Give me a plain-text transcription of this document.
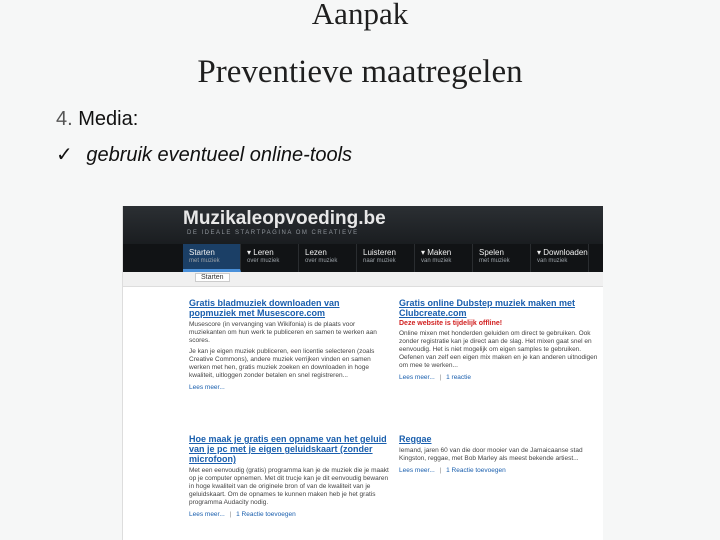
Aanpak
Preventieve maatregelen
4. Media:
✓ gebruik eventueel online-tools
Muzikaleopvoeding.be
DE IDEALE STARTPAGINA OM CREATIEVE
Starten
met muziek
▾ Leren
over muziek
Lezen
over muziek
Luisteren
naar muziek
▾ Maken
van muziek
Spelen
met muziek
▾ Downloaden
van muziek
Starten
Gratis bladmuziek downloaden van popmuziek met Musescore.com

Musescore (in vervanging van Wikifonia) is de plaats voor muziekanten om hun werk te publiceren en samen te werken aan scores.

Je kan je eigen muziek publiceren, een licentie selecteren (zoals Creative Commons), andere muziek verrijken vinden en samen werken met hen, gratis muziek zoeken en downloaden in hoge kwaliteit, uitloggen zonder betalen en snel registreren...

Lees meer...
Hoe maak je gratis een opname van het geluid van je pc met je eigen geluidskaart (zonder microfoon)

Met een eenvoudig (gratis) programma kan je de muziek die je maakt op je computer opnemen. Met dit trucje kan je dit eenvoudig bewaren in hoge kwaliteit van de originele bron of van de kwaliteit van je geluidskaart. Om de opnames te kunnen maken heb je het gratis programma Audacity nodig.

Lees meer... | 1 Reactie toevoegen
Gratis online Dubstep muziek maken met Clubcreate.com
Deze website is tijdelijk offline!

Online mixen met honderden geluiden om direct te gebruiken. Ook zonder registratie kan je direct aan de slag. Het mixen gaat snel en eenvoudig. Het is niet mogelijk om eigen samples te gebruiken. Oefenen van zelf een eigen mix maken en je kan anderen uitnodigen om mee te werken...

Lees meer... | 1 reactie
Reggae

Iemand, jaren 60 van die door mooier van de Jamaicaanse stad Kingston, reggae, met Bob Marley als meest bekende artiest...

Lees meer... | 1 Reactie toevoegen
